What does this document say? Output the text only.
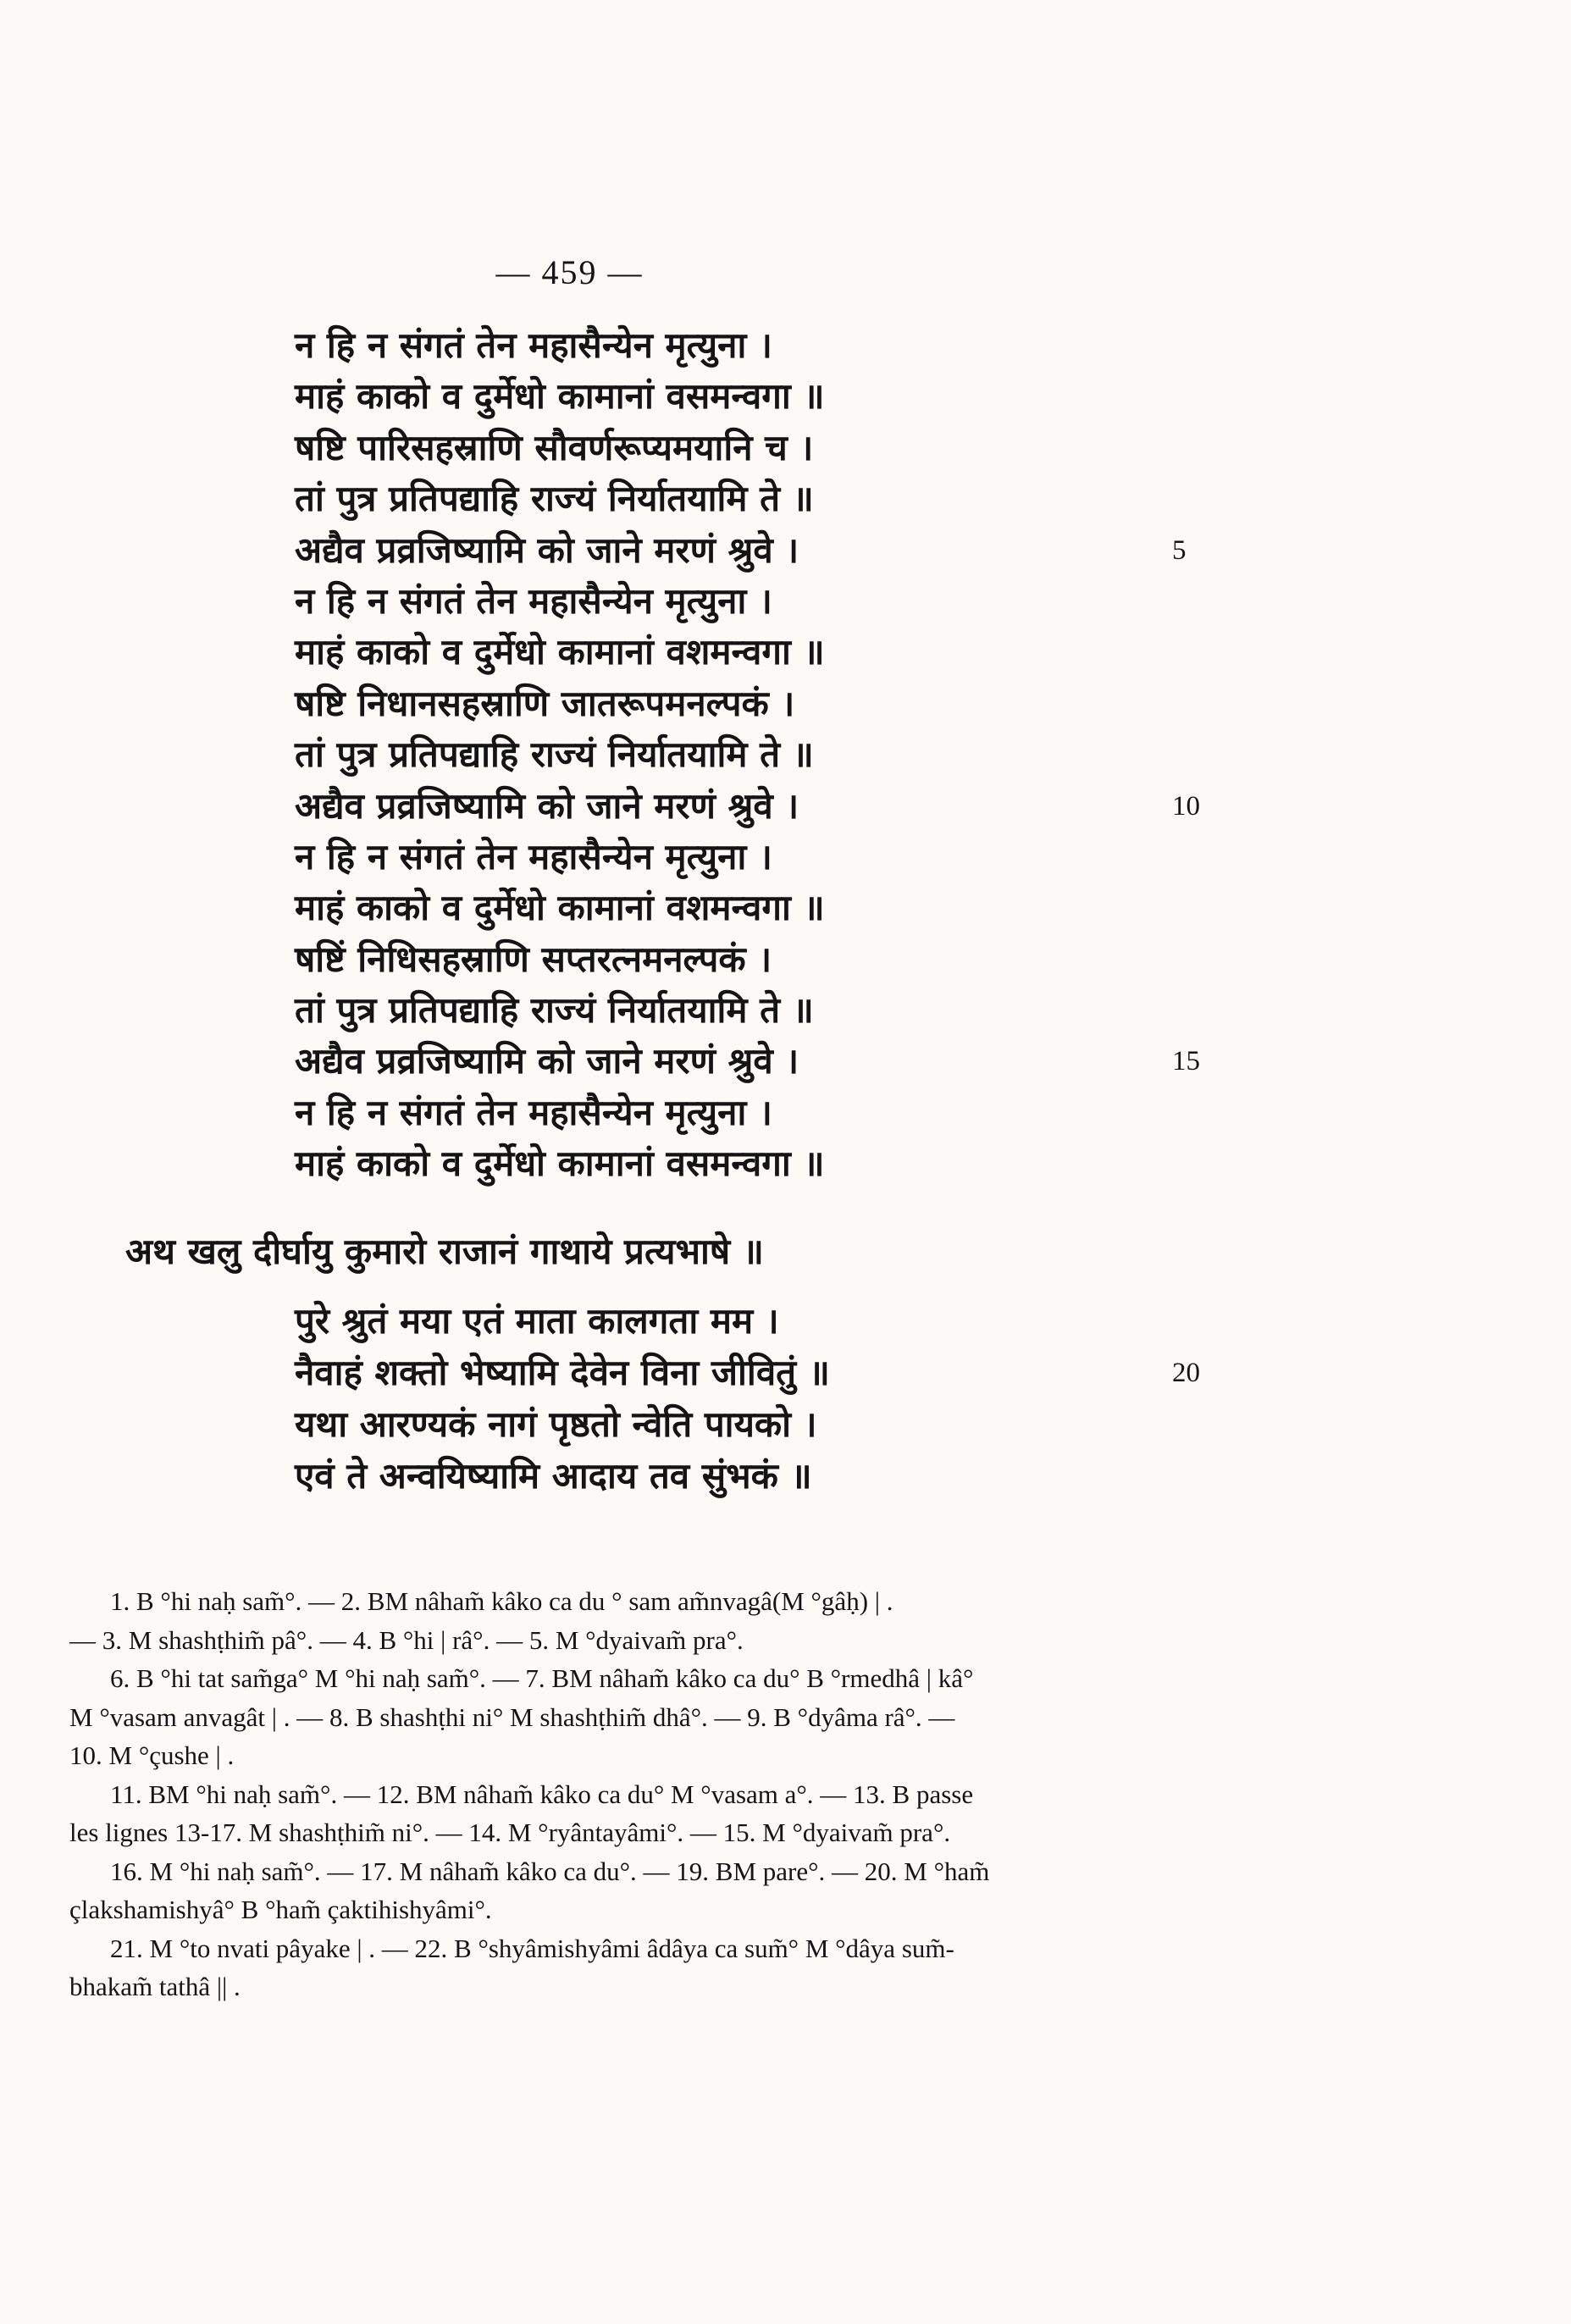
— 459 —
न हि न संगतं तेन महासैन्येन मृत्युना ।
माहं काको व दुर्मेधो कामानां वसमन्वगा ॥
षष्टि पारिसहस्राणि सौवर्णरूप्यमयानि च ।
तां पुत्र प्रतिपद्याहि राज्यं निर्यातयामि ते ॥
अद्यैव प्रव्रजिष्यामि को जाने मरणं श्रुवे ।	5
न हि न संगतं तेन महासैन्येन मृत्युना ।
माहं काको व दुर्मेधो कामानां वशमन्वगा ॥
षष्टि निधानसहस्राणि जातरूपमनल्पकं ।
तां पुत्र प्रतिपद्याहि राज्यं निर्यातयामि ते ॥
अद्यैव प्रव्रजिष्यामि को जाने मरणं श्रुवे ।	10
न हि न संगतं तेन महासैन्येन मृत्युना ।
माहं काको व दुर्मेधो कामानां वशमन्वगा ॥
षष्टिं निधिसहस्राणि सप्तरत्नमनल्पकं ।
तां पुत्र प्रतिपद्याहि राज्यं निर्यातयामि ते ॥
अद्यैव प्रव्रजिष्यामि को जाने मरणं श्रुवे ।	15
न हि न संगतं तेन महासैन्येन मृत्युना ।
माहं काको व दुर्मेधो कामानां वसमन्वगा ॥
अथ खलु दीर्घायु कुमारो राजानं गाथाये प्रत्यभाषे ॥
पुरे श्रुतं मया एतं माता कालगता मम ।
नैवाहं शक्तो भेष्यामि देवेन विना जीवितुं ॥	20
यथा आरण्यकं नागं पृष्ठतो न्वेति पायको ।
एवं ते अन्वयिष्यामि आदाय तव सुंभकं ॥
1. B °hi naḥ sam̃°. — 2. BM nâham̃ kâko ca du ° sam am̃nvagâ(M °gâḥ) | .
— 3. M shashṭhim̃ pâ°. — 4. B °hi | râ°. — 5. M °dyaivam̃ pra°.
6. B °hi tat sam̃ga° M °hi naḥ sam̃°. — 7. BM nâham̃ kâko ca du° B °rmedhâ | kâ°
M °vasam anvagât | . — 8. B shashṭhi ni° M shashṭhim̃ dhâ°. — 9. B °dyâma râ°. —
10. M °çushe | .
11. BM °hi naḥ sam̃°. — 12. BM nâham̃ kâko ca du° M °vasam a°. — 13. B passe
les lignes 13-17. M shashṭhim̃ ni°. — 14. M °ryântayâmi°. — 15. M °dyaivam̃ pra°.
16. M °hi naḥ sam̃°. — 17. M nâham̃ kâko ca du°. — 19. BM pare°. — 20. M °ham̃
çlakshamishyâ° B °ham̃ çaktihishyâmi°.
21. M °to nvati pâyake | . — 22. B °shyâmishyâmi âdâya ca sum̃° M °dâya sum̃-
bhakam̃ tathâ || .
